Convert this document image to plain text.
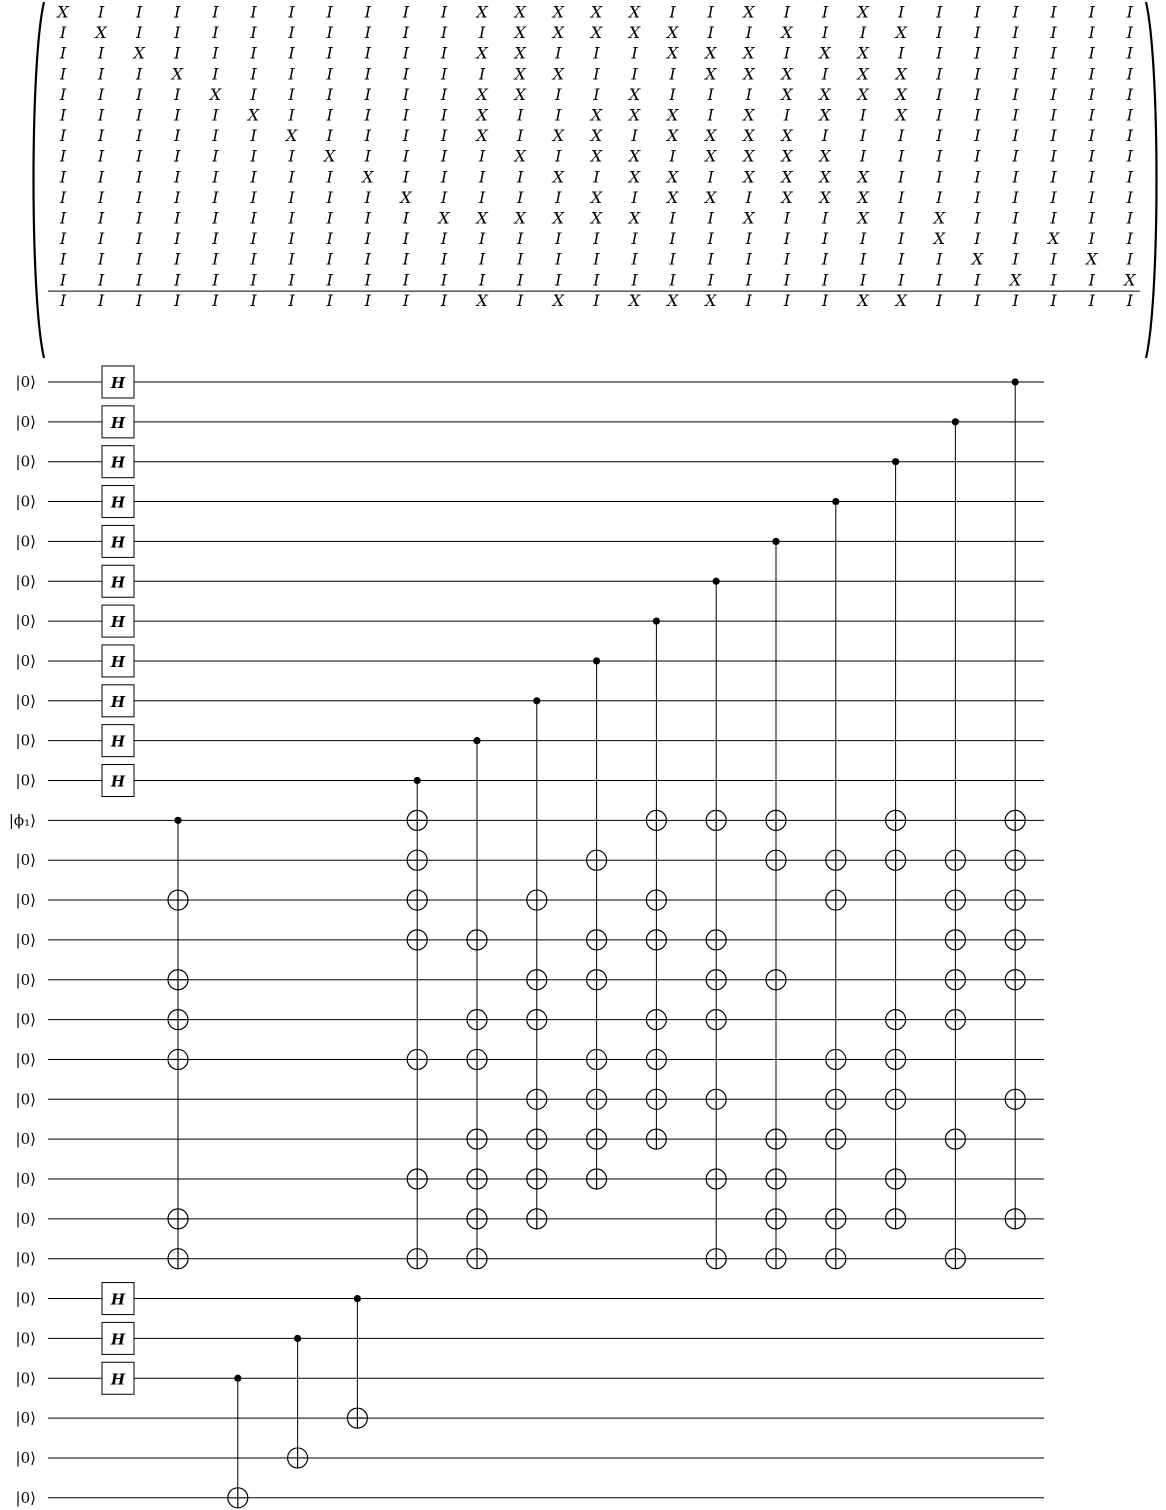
X I I I I I I I I I I X X X X X I I X I I X I I I I I I I
I X I I I I I I I I I I X X X X X I I X I I X I I I I I I
I I X I I I I I I I I X X I I I X X X I X X I I I I I I I
I I I X I I I I I I I I X X I I I X X X I X X I I I I I I
I I I I X I I I I I I X X I I X I I I X X X X I I I I I I
I I I I I X I I I I I X I I X X X I X I X I X I I I I I I
I I I I I I X I I I I X I X X I X X X X I I I I I I I I I
I I I I I I I X I I I I X I X X I X X X X I I I I I I I I
I I I I I I I I X I I I I X I X X I X X X X I I I I I I I
I I I I I I I I I X I I I I X I X X I X X X I I I I I I I
I I I I I I I I I I X X X X X X I I X I I X I X I I I I I
I I I I I I I I I I I I I I I I I I I I I I I X I I X I I
I I I I I I I I I I I I I I I I I I I I I I I I X I I X I
I I I I I I I I I I I I I I I I I I I I I I I I I X I I X
I I I I I I I I I I I X I X I X X X I I I X X I I I I I I
|0⟩
|0⟩
|0⟩
|0⟩
|0⟩
|0⟩
|0⟩
|0⟩
|0⟩
|0⟩
|0⟩
|ϕ₁⟩
|0⟩
|0⟩
|0⟩
|0⟩
|0⟩
|0⟩
|0⟩
|0⟩
|0⟩
|0⟩
|0⟩
|0⟩
|0⟩
|0⟩
|0⟩
|0⟩
|0⟩
H
H
H
H
H
H
H
H
H
H
H
H
H
H
